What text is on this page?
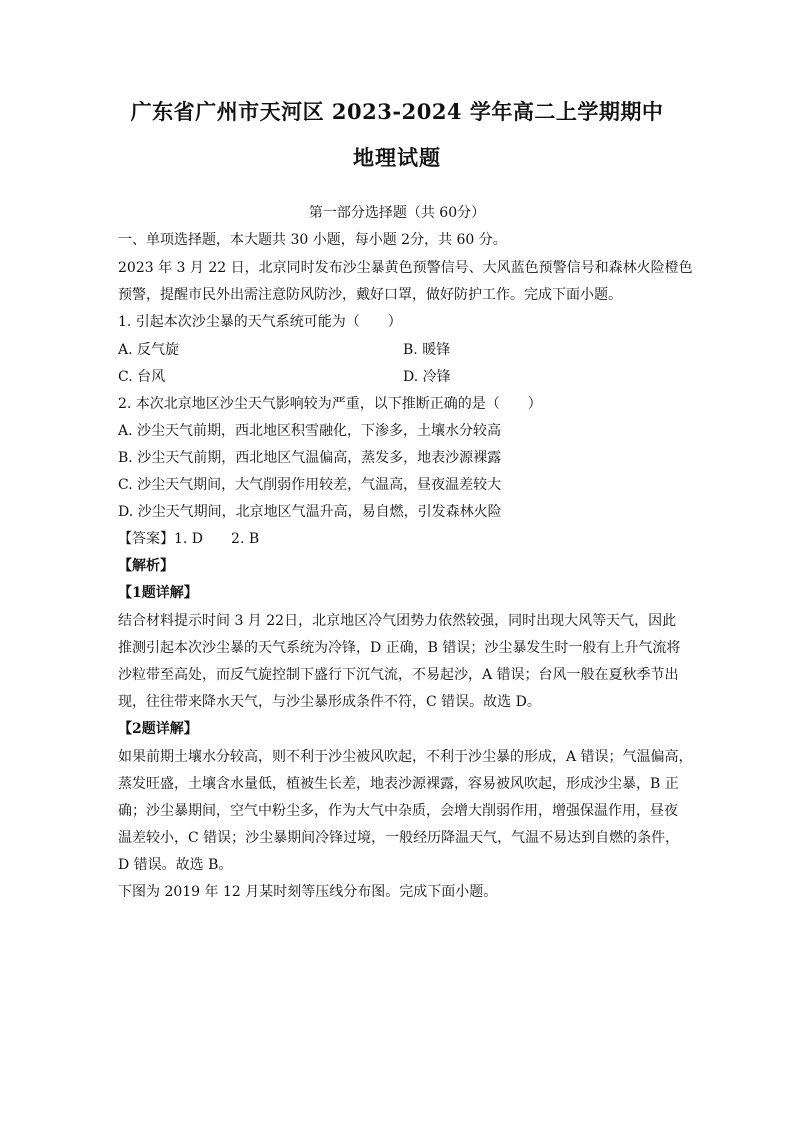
广东省广州市天河区 2023-2024 学年高二上学期期中
地理试题
第一部分选择题（共 60分）
一、单项选择题，本大题共 30 小题，每小题 2分，共 60 分。
2023 年 3 月 22 日，北京同时发布沙尘暴黄色预警信号、大风蓝色预警信号和森林火险橙色
预警，提醒市民外出需注意防风防沙，戴好口罩，做好防护工作。完成下面小题。
1. 引起本次沙尘暴的天气系统可能为（　　）
A. 反气旋	B. 暖锋
C. 台风	D. 冷锋
2. 本次北京地区沙尘天气影响较为严重，以下推断正确的是（　　）
A. 沙尘天气前期，西北地区积雪融化，下渗多，土壤水分较高
B. 沙尘天气前期，西北地区气温偏高，蒸发多，地表沙源裸露
C. 沙尘天气期间，大气削弱作用较差，气温高，昼夜温差较大
D. 沙尘天气期间，北京地区气温升高，易自燃，引发森林火险
【答案】1. D　　2. B
【解析】
【1题详解】
结合材料提示时间 3 月 22日，北京地区冷气团势力依然较强，同时出现大风等天气，因此
推测引起本次沙尘暴的天气系统为冷锋，D 正确，B 错误；沙尘暴发生时一般有上升气流将
沙粒带至高处，而反气旋控制下盛行下沉气流，不易起沙，A 错误；台风一般在夏秋季节出
现，往往带来降水天气，与沙尘暴形成条件不符，C 错误。故选 D。
【2题详解】
如果前期土壤水分较高，则不利于沙尘被风吹起，不利于沙尘暴的形成，A 错误；气温偏高，
蒸发旺盛，土壤含水量低，植被生长差，地表沙源裸露，容易被风吹起，形成沙尘暴，B 正
确；沙尘暴期间，空气中粉尘多，作为大气中杂质，会增大削弱作用，增强保温作用，昼夜
温差较小，C 错误；沙尘暴期间冷锋过境，一般经历降温天气，气温不易达到自燃的条件，
D 错误。故选 B。
下图为 2019 年 12 月某时刻等压线分布图。完成下面小题。
